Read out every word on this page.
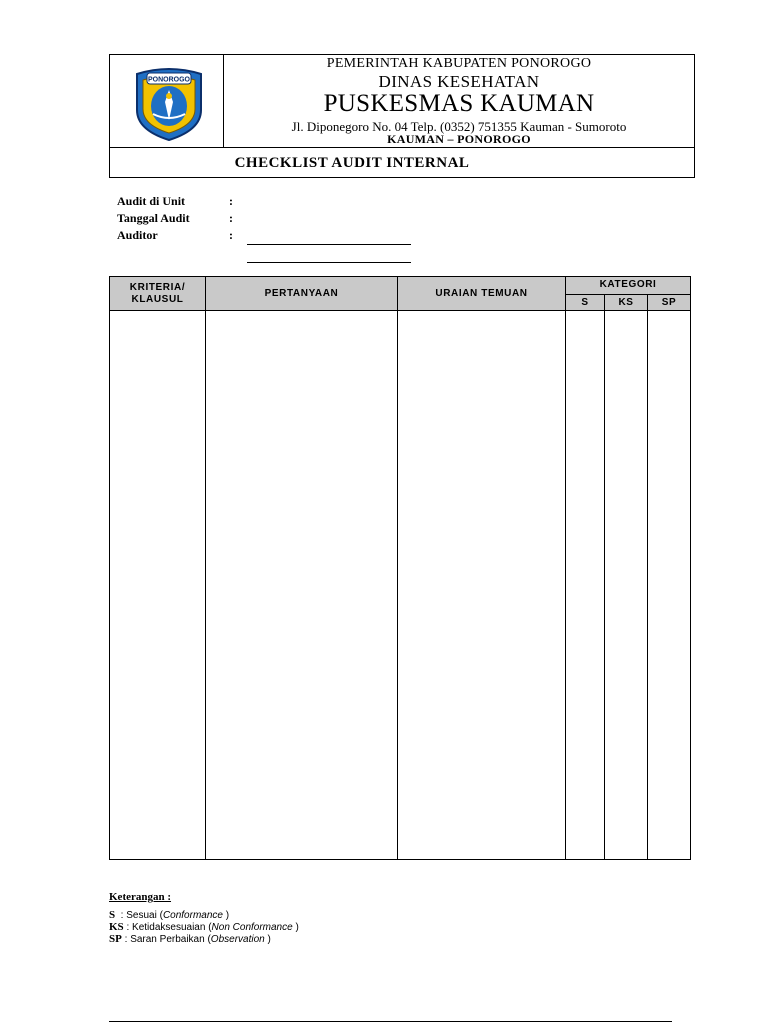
PONOROGO
PEMERINTAH KABUPATEN PONOROGO
DINAS KESEHATAN
PUSKESMAS KAUMAN
Jl. Diponegoro No. 04 Telp. (0352) 751355 Kauman - Sumoroto
KAUMAN – PONOROGO
CHECKLIST AUDIT INTERNAL
Audit di Unit	:
Tanggal Audit	:
Auditor	:
KRITERIA/
KLAUSUL
PERTANYAAN	URAIAN TEMUAN
KATEGORI
S	KS	SP
Keterangan :
S  : Sesuai (Conformance )
KS : Ketidaksesuaian (Non Conformance )
SP : Saran Perbaikan (Observation )
